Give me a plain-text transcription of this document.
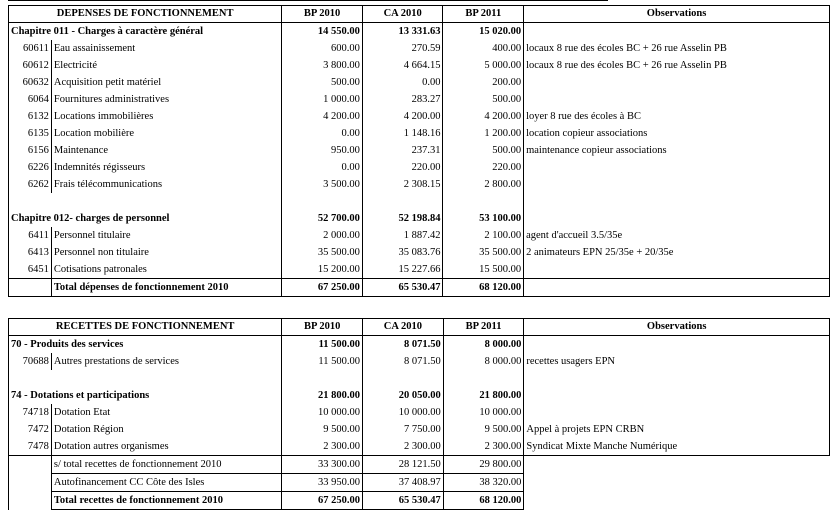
DEPENSES DE FONCTIONNEMENT		BP 2010	CA 2010	BP 2011	Observations
Chapitre 011 - Charges à caractère général		14 550.00	13 331.63	15 020.00	
60611	Eau assainissement	600.00	270.59	400.00	locaux 8 rue des écoles BC + 26 rue Asselin PB
60612	Electricité	3 800.00	4 664.15	5 000.00	locaux 8 rue des écoles BC + 26 rue Asselin PB
60632	Acquisition petit matériel	500.00	0.00	200.00	
6064	Fournitures administratives	1 000.00	283.27	500.00	
6132	Locations immobilières	4 200.00	4 200.00	4 200.00	loyer 8 rue des écoles à BC
6135	Location mobilière	0.00	1 148.16	1 200.00	location copieur associations
6156	Maintenance	950.00	237.31	500.00	maintenance copieur associations
6226	Indemnités régisseurs	0.00	220.00	220.00	
6262	Frais télécommunications	3 500.00	2 308.15	2 800.00	

Chapitre 012- charges de personnel		52 700.00	52 198.84	53 100.00	
6411	Personnel titulaire	2 000.00	1 887.42	2 100.00	agent d'accueil 3.5/35e
6413	Personnel non titulaire	35 500.00	35 083.76	35 500.00	2 animateurs EPN 25/35e + 20/35e
6451	Cotisations patronales	15 200.00	15 227.66	15 500.00	
	Total dépenses de fonctionnement 2010	67 250.00	65 530.47	68 120.00	
RECETTES DE FONCTIONNEMENT		BP 2010	CA 2010	BP 2011	Observations
70 - Produits des services		11 500.00	8 071.50	8 000.00	
70688	Autres prestations de services	11 500.00	8 071.50	8 000.00	recettes usagers EPN

74 - Dotations et participations		21 800.00	20 050.00	21 800.00	
74718	Dotation Etat	10 000.00	10 000.00	10 000.00	
7472	Dotation Région	9 500.00	7 750.00	9 500.00	Appel à projets EPN CRBN
7478	Dotation autres organismes	2 300.00	2 300.00	2 300.00	Syndicat Mixte Manche Numérique
	s/ total recettes de fonctionnement 2010	33 300.00	28 121.50	29 800.00	
	Autofinancement CC Côte des Isles	33 950.00	37 408.97	38 320.00	
	Total recettes de fonctionnement 2010	67 250.00	65 530.47	68 120.00	
